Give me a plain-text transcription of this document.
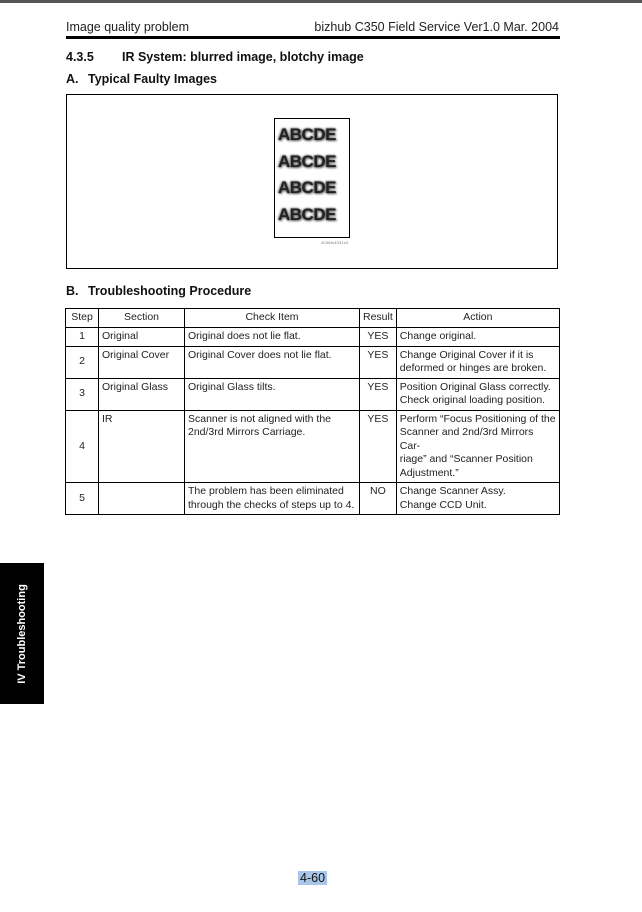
Image quality problem	bizhub C350 Field Service Ver1.0 Mar. 2004
4.3.5 IR System: blurred image, blotchy image
A. Typical Faulty Images
ABCDE
ABCDE
ABCDE
ABCDE
4036fs4031c0
B. Troubleshooting Procedure
Step	Section	Check Item	Result	Action
1	Original	Original does not lie flat.	YES	Change original.

2	Original Cover	Original Cover does not lie flat.	YES	Change Original Cover if it is
deformed or hinges are broken.

3	Original Glass	Original Glass tilts.	YES	Position Original Glass correctly.
Check original loading position.

4	IR	Scanner is not aligned with the 2nd/3rd Mirrors Carriage.	YES	Perform “Focus Positioning of the
Scanner and 2nd/3rd Mirrors Car-
riage” and “Scanner Position
Adjustment.”

5		The problem has been eliminated through the checks of steps up to 4.	NO	Change Scanner Assy.
Change CCD Unit.
IV Troubleshooting
4-60
